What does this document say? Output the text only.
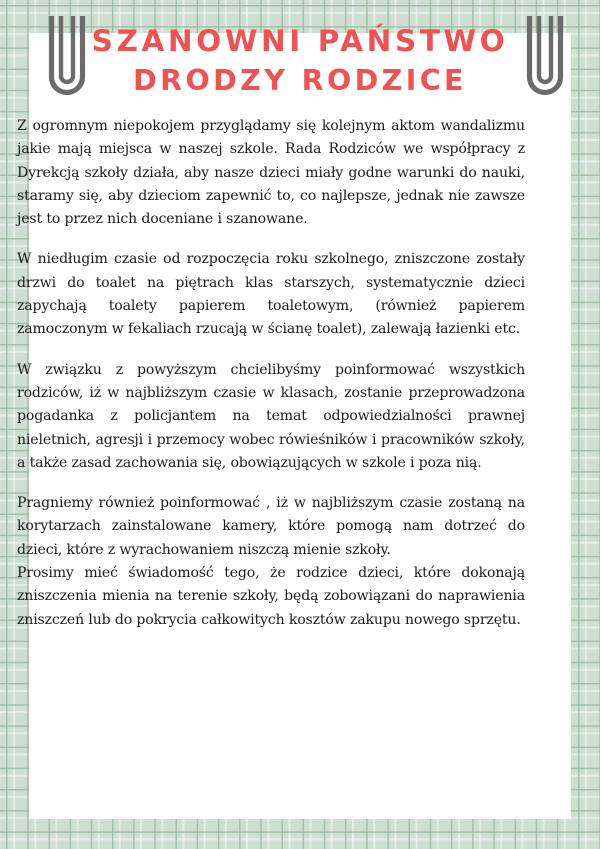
SZANOWNI PAŃSTWO
DRODZY RODZICE

Z ogromnym niepokojem przyglądamy się kolejnym aktom wandalizmu jakie mają miejsca w naszej szkole. Rada Rodziców we współpracy z Dyrekcją szkoły działa, aby nasze dzieci miały godne warunki do nauki, staramy się, aby dzieciom zapewnić to, co najlepsze, jednak nie zawsze jest to przez nich doceniane i szanowane.

W niedługim czasie od rozpoczęcia roku szkolnego, zniszczone zostały drzwi do toalet na piętrach klas starszych, systematycznie dzieci zapychają toalety papierem toaletowym, (również papierem zamoczonym w fekaliach rzucają w ścianę toalet), zalewają łazienki etc.

W związku z powyższym chcielibyśmy poinformować wszystkich rodziców, iż w najbliższym czasie w klasach, zostanie przeprowadzona pogadanka z policjantem na temat odpowiedzialności prawnej nieletnich, agresji i przemocy wobec rówieśników i pracowników szkoły, a także zasad zachowania się, obowiązujących w szkole i poza nią.

Pragniemy również poinformować , iż w najbliższym czasie zostaną na korytarzach zainstalowane kamery, które pomogą nam dotrzeć do dzieci, które z wyrachowaniem niszczą mienie szkoły.

Prosimy mieć świadomość tego, że rodzice dzieci, które dokonają zniszczenia mienia na terenie szkoły, będą zobowiązani do naprawienia zniszczeń lub do pokrycia całkowitych kosztów zakupu nowego sprzętu.
